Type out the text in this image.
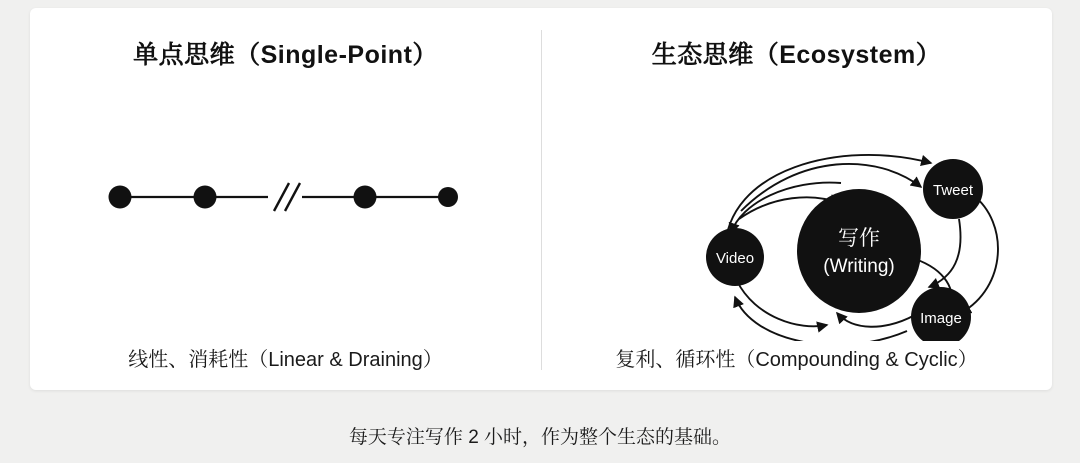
单点思维（Single-Point）
线性、消耗性（Linear & Draining）
生态思维（Ecosystem）
写作
(Writing)
Tweet
Video
Image
复利、循环性（Compounding & Cyclic）
每天专注写作 2 小时，作为整个生态的基础。
